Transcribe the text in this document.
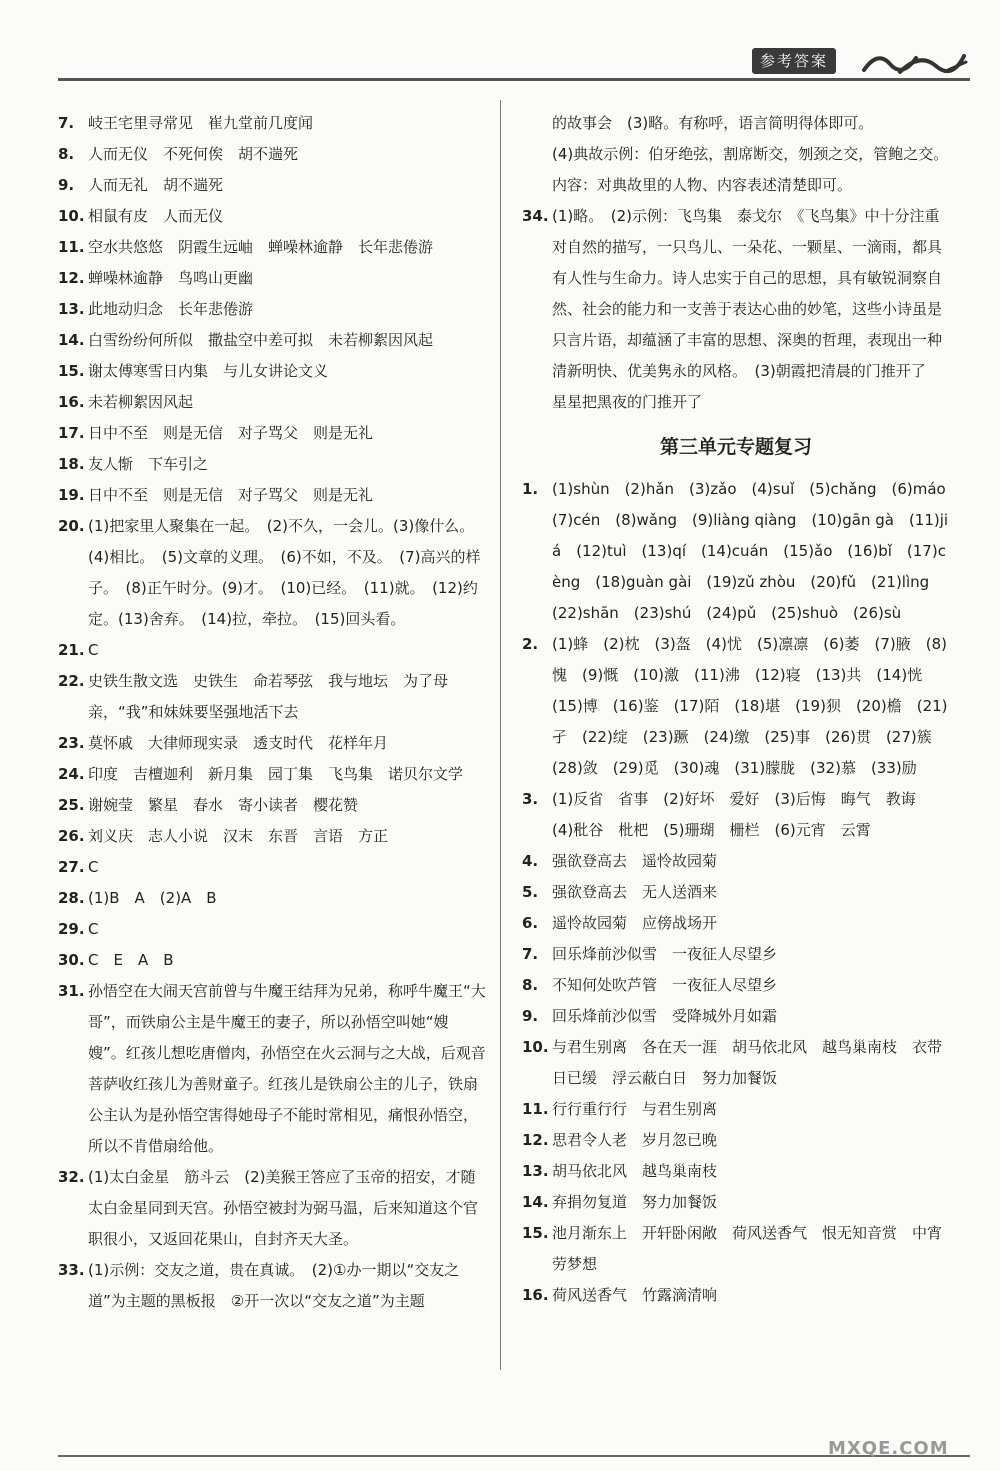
参考答案
7. 岐王宅里寻常见　崔九堂前几度闻
8. 人而无仪　不死何俟　胡不遄死
9. 人而无礼　胡不遄死
10. 相鼠有皮　人而无仪
11. 空水共悠悠　阴霞生远岫　蝉噪林逾静　长年悲倦游
12. 蝉噪林逾静　鸟鸣山更幽
13. 此地动归念　长年悲倦游
14. 白雪纷纷何所似　撒盐空中差可拟　未若柳絮因风起
15. 谢太傅寒雪日内集　与儿女讲论文义
16. 未若柳絮因风起
17. 日中不至　则是无信　对子骂父　则是无礼
18. 友人惭　下车引之
19. 日中不至　则是无信　对子骂父　则是无礼
20. (1)把家里人聚集在一起。　(2)不久，一会儿。(3)像什么。　(4)相比。　(5)文章的义理。　(6)不如，不及。　(7)高兴的样子。　(8)正午时分。(9)才。　(10)已经。　(11)就。　(12)约定。(13)舍弃。　(14)拉，牵拉。　(15)回头看。
21. C
22. 史铁生散文选　史铁生　命若琴弦　我与地坛　为了母亲，“我”和妹妹要坚强地活下去
23. 莫怀戚　大律师现实录　透支时代　花样年月
24. 印度　吉檀迦利　新月集　园丁集　飞鸟集　诺贝尔文学
25. 谢婉莹　繁星　春水　寄小读者　樱花赞
26. 刘义庆　志人小说　汉末　东晋　言语　方正
27. C
28. (1)B　A　(2)A　B
29. C
30. C　E　A　B
31. 孙悟空在大闹天宫前曾与牛魔王结拜为兄弟，称呼牛魔王“大哥”，而铁扇公主是牛魔王的妻子，所以孙悟空叫她“嫂嫂”。红孩儿想吃唐僧肉，孙悟空在火云洞与之大战，后观音菩萨收红孩儿为善财童子。红孩儿是铁扇公主的儿子，铁扇公主认为是孙悟空害得她母子不能时常相见，痛恨孙悟空，所以不肯借扇给他。
32. (1)太白金星　筋斗云　(2)美猴王答应了玉帝的招安，才随太白金星同到天宫。孙悟空被封为弼马温，后来知道这个官职很小，又返回花果山，自封齐天大圣。
33. (1)示例：交友之道，贵在真诚。　(2)①办一期以“交友之道”为主题的黑板报　②开一次以“交友之道”为主题
的故事会　(3)略。有称呼，语言简明得体即可。
(4)典故示例：伯牙绝弦，割席断交，刎颈之交，管鲍之交。内容：对典故里的人物、内容表述清楚即可。
34. (1)略。　(2)示例：飞鸟集　泰戈尔　《飞鸟集》中十分注重对自然的描写，一只鸟儿、一朵花、一颗星、一滴雨，都具有人性与生命力。诗人忠实于自己的思想，具有敏锐洞察自然、社会的能力和一支善于表达心曲的妙笔，这些小诗虽是只言片语，却蕴涵了丰富的思想、深奥的哲理，表现出一种清新明快、优美隽永的风格。　(3)朝霞把清晨的门推开了　星星把黑夜的门推开了
第三单元专题复习
1. (1)shùn　(2)hǎn　(3)zǎo　(4)suǐ　(5)chǎng　(6)máo　(7)cén　(8)wǎng　(9)liàng qiàng　(10)gān gà　(11)jiá　(12)tuì　(13)qí　(14)cuán　(15)ǎo　(16)bǐ　(17)cèng　(18)guàn gài　(19)zǔ zhòu　(20)fǔ　(21)lìng　(22)shān　(23)shú　(24)pǔ　(25)shuò　(26)sù
2. (1)蜂　(2)枕　(3)盔　(4)忧　(5)凛凛　(6)萎　(7)腋　(8)愧　(9)慨　(10)激　(11)沸　(12)寝　(13)共　(14)恍　(15)博　(16)鉴　(17)陌　(18)堪　(19)狈　(20)檐　(21)孑　(22)绽　(23)蹶　(24)缴　(25)事　(26)贯　(27)簇　(28)敛　(29)觅　(30)魂　(31)朦胧　(32)慕　(33)励
3. (1)反省　省事　(2)好坏　爱好　(3)后悔　晦气　教诲　(4)秕谷　枇杷　(5)珊瑚　栅栏　(6)元宵　云霄
4. 强欲登高去　遥怜故园菊
5. 强欲登高去　无人送酒来
6. 遥怜故园菊　应傍战场开
7. 回乐烽前沙似雪　一夜征人尽望乡
8. 不知何处吹芦管　一夜征人尽望乡
9. 回乐烽前沙似雪　受降城外月如霜
10. 与君生别离　各在天一涯　胡马依北风　越鸟巢南枝　衣带日已缓　浮云蔽白日　努力加餐饭
11. 行行重行行　与君生别离
12. 思君令人老　岁月忽已晚
13. 胡马依北风　越鸟巢南枝
14. 弃捐勿复道　努力加餐饭
15. 池月渐东上　开轩卧闲敞　荷风送香气　恨无知音赏　中宵劳梦想
16. 荷风送香气　竹露滴清响
MXQE.COM
